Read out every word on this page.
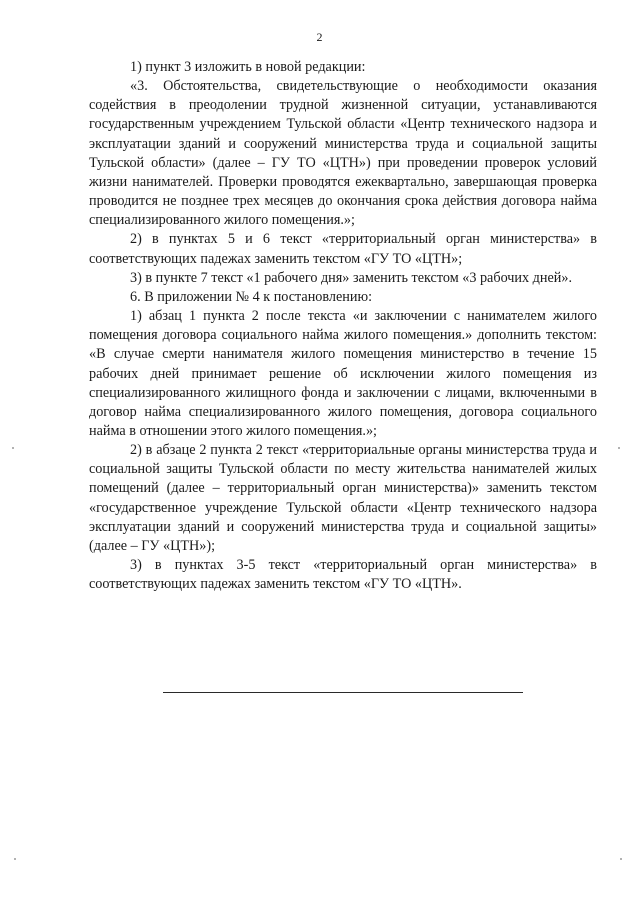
2

1) пункт 3 изложить в новой редакции:

«3. Обстоятельства, свидетельствующие о необходимости оказания содействия в преодолении трудной жизненной ситуации, устанавливаются государственным учреждением Тульской области «Центр технического надзора и эксплуатации зданий и сооружений министерства труда и социальной защиты Тульской области» (далее – ГУ ТО «ЦТН») при проведении проверок условий жизни нанимателей. Проверки проводятся ежеквартально, завершающая проверка проводится не позднее трех месяцев до окончания срока действия договора найма специализированного жилого помещения.»;

2) в пунктах 5 и 6 текст «территориальный орган министерства» в соответствующих падежах заменить текстом «ГУ ТО «ЦТН»;

3) в пункте 7 текст «1 рабочего дня» заменить текстом «3 рабочих дней».

6. В приложении № 4 к постановлению:

1) абзац 1 пункта 2 после текста «и заключении с нанимателем жилого помещения договора социального найма жилого помещения.» дополнить текстом: «В случае смерти нанимателя жилого помещения министерство в течение 15 рабочих дней принимает решение об исключении жилого помещения из специализированного жилищного фонда и заключении с лицами, включенными в договор найма специализированного жилого помещения, договора социального найма в отношении этого жилого помещения.»;

2) в абзаце 2 пункта 2 текст «территориальные органы министерства труда и социальной защиты Тульской области по месту жительства нанимателей жилых помещений (далее – территориальный орган министерства)» заменить текстом «государственное учреждение Тульской области «Центр технического надзора эксплуатации зданий и сооружений министерства труда и социальной защиты» (далее – ГУ «ЦТН»);

3) в пунктах 3-5 текст «территориальный орган министерства» в соответствующих падежах заменить текстом «ГУ ТО «ЦТН».
